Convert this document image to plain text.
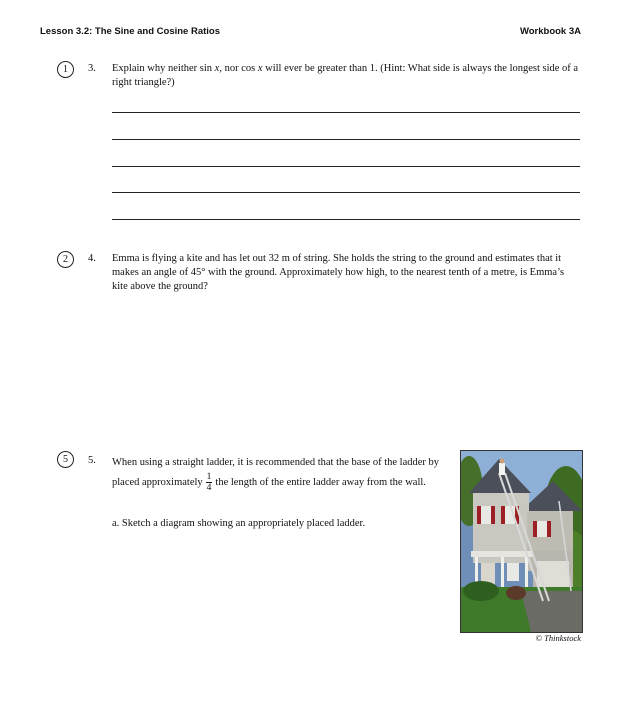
Lesson 3.2: The Sine and Cosine Ratios	Workbook 3A
1	3. Explain why neither sin x, nor cos x will ever be greater than 1. (Hint: What side is always the longest side of a right triangle?)
2	4. Emma is flying a kite and has let out 32 m of string. She holds the string to the ground and estimates that it makes an angle of 45° with the ground. Approximately how high, to the nearest tenth of a metre, is Emma’s kite above the ground?
5	5. When using a straight ladder, it is recommended that the base of the ladder by placed approximately $\frac{1}{4}$ the length of the entire ladder away from the wall.
a. Sketch a diagram showing an appropriately placed ladder.
© Thinkstock
